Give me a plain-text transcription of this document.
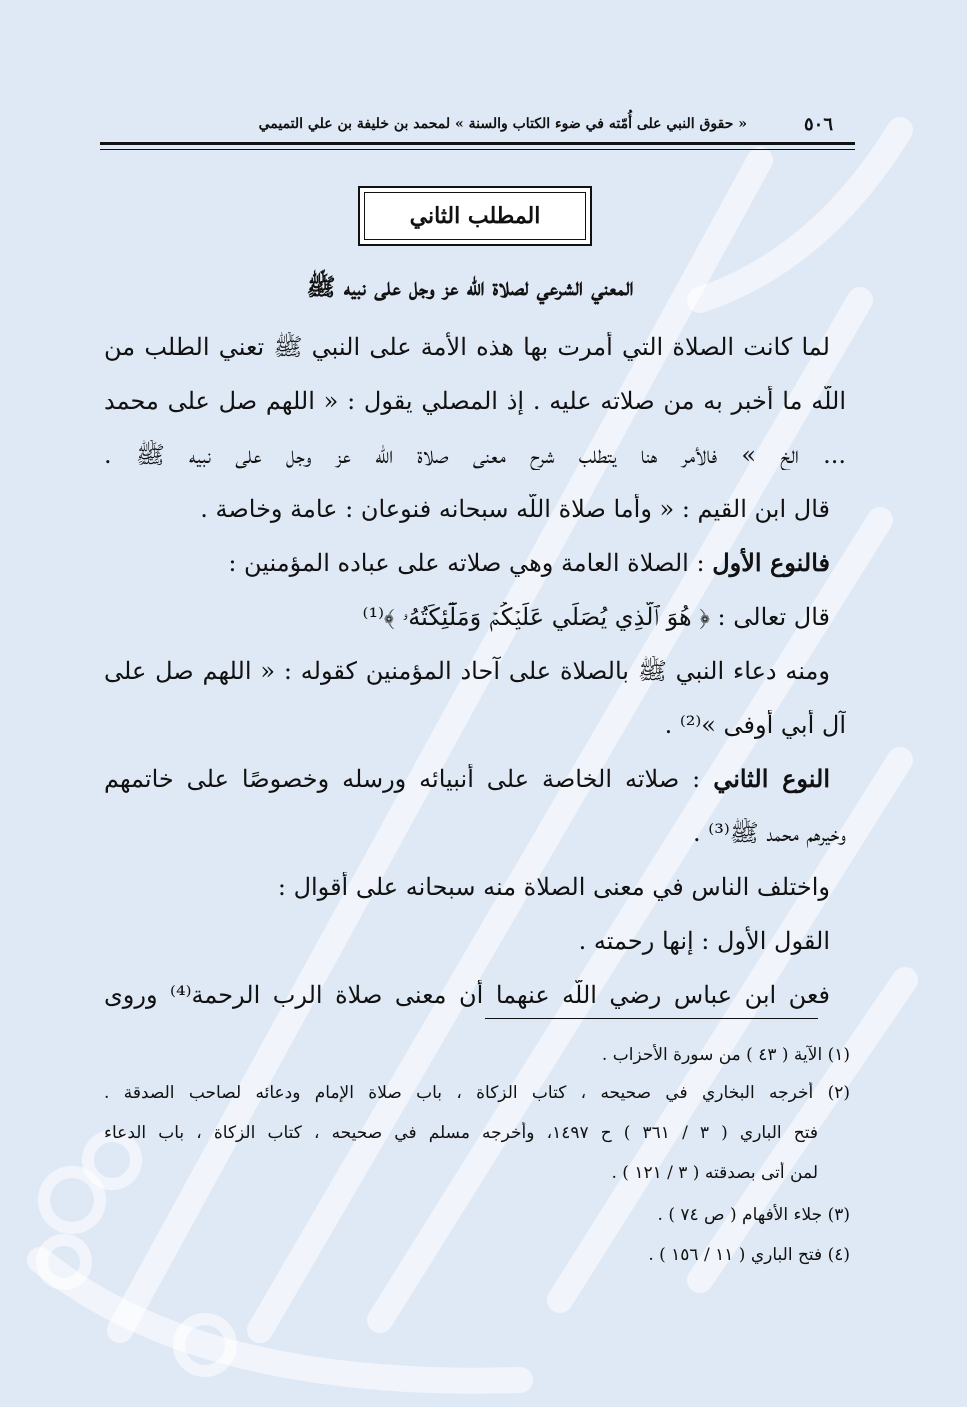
٥٠٦
« حقوق النبي على أُمّته في ضوء الكتاب والسنة » لمحمد بن خليفة بن علي التميمي
المطلب الثاني
المعني الشرعي لصلاة اللّه عز وجل على نبيه ﷺ
لما كانت الصلاة التي أمرت بها هذه الأمة على النبي ﷺ تعني الطلب من
اللّه ما أخبر به من صلاته عليه . إذ المصلي يقول : « اللهم صل على محمد
... الخ » فالأمر هنا يتطلب شرح معنى صلاة اللّه عز وجل على نبيه ﷺ .
قال ابن القيم : « وأما صلاة اللّه سبحانه فنوعان : عامة وخاصة .
فالنوع الأول : الصلاة العامة وهي صلاته على عباده المؤمنين :
قال تعالى : ﴿ هُوَ ٱلَّذِي يُصَلِّي عَلَيۡكُمۡ وَمَلَٰٓئِكَتُهُۥ ﴾⁽¹⁾
ومنه دعاء النبي ﷺ بالصلاة على آحاد المؤمنين كقوله : « اللهم صل على
آل أبي أوفى »⁽²⁾ .
النوع الثاني : صلاته الخاصة على أنبيائه ورسله وخصوصًا على خاتمهم
وخيرهم محمد ﷺ⁽³⁾ .
واختلف الناس في معنى الصلاة منه سبحانه على أقوال :
القول الأول : إنها رحمته .
فعن ابن عباس رضي اللّه عنهما أن معنى صلاة الرب الرحمة⁽⁴⁾ وروى
(١) الآية ( ٤٣ ) من سورة الأحزاب .
(٢) أخرجه البخاري في صحيحه ، كتاب الزكاة ، باب صلاة الإمام ودعائه لصاحب الصدقة .
فتح الباري ( ٣ / ٣٦١ ) ح ١٤٩٧، وأخرجه مسلم في صحيحه ، كتاب الزكاة ، باب الدعاء
لمن أتى بصدقته ( ٣ / ١٢١ ) .
(٣) جلاء الأفهام ( ص ٧٤ ) .
(٤) فتح الباري ( ١١ / ١٥٦ ) .
